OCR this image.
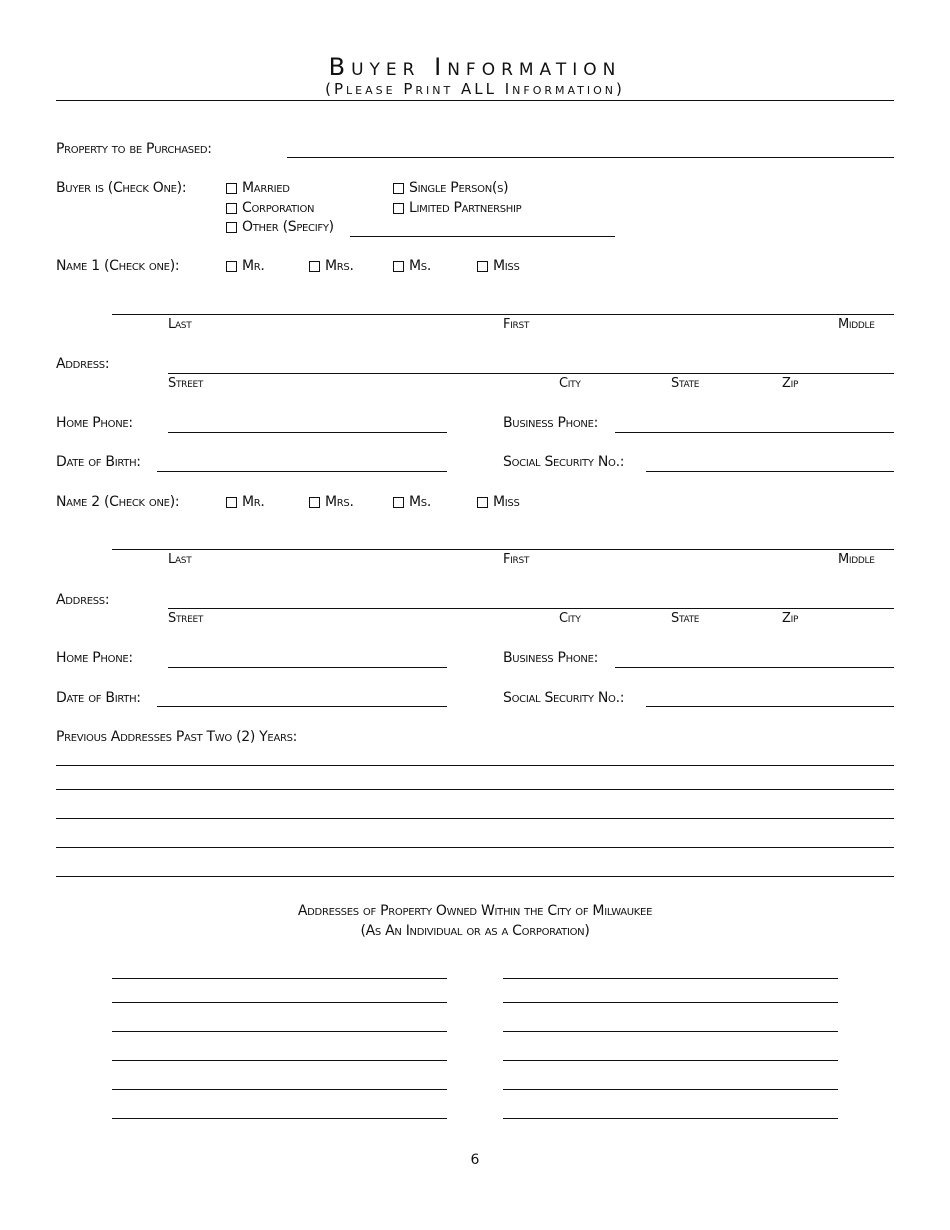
Buyer Information
(Please Print ALL Information)
Property to be Purchased:
Buyer is (Check One):	Married	Single Person(s)
Corporation	Limited Partnership
Other (Specify)
Name 1 (Check one):	Mr.	Mrs.	Ms.	Miss
Last	First	Middle
Address:
Street	City	State	Zip
Home Phone:	Business Phone:
Date of Birth:	Social Security No.:
Name 2 (Check one):	Mr.	Mrs.	Ms.	Miss
Last	First	Middle
Address:
Street	City	State	Zip
Home Phone:	Business Phone:
Date of Birth:	Social Security No.:
Previous Addresses Past Two (2) Years:
Addresses of Property Owned Within the City of Milwaukee
(As An Individual or as a Corporation)
6
